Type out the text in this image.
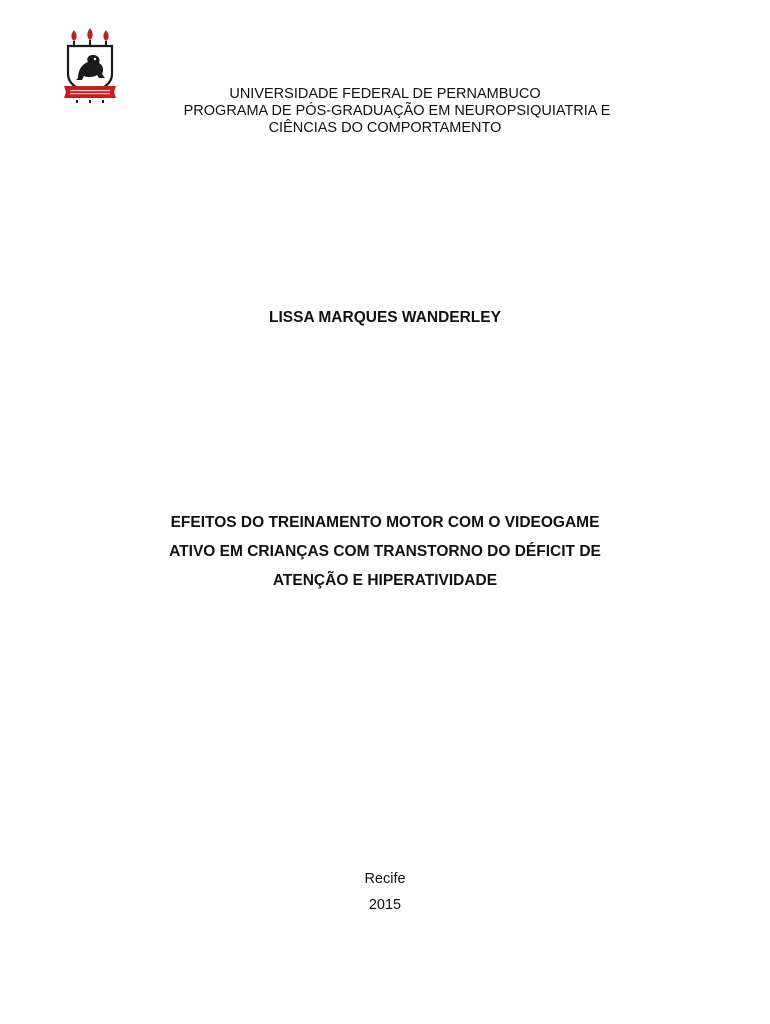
UNIVERSIDADE FEDERAL DE PERNAMBUCO
PROGRAMA DE PÓS-GRADUAÇÃO EM NEUROPSIQUIATRIA E
CIÊNCIAS DO COMPORTAMENTO
LISSA MARQUES WANDERLEY
EFEITOS DO TREINAMENTO MOTOR COM O VIDEOGAME
ATIVO EM CRIANÇAS COM TRANSTORNO DO DÉFICIT DE
ATENÇÃO E HIPERATIVIDADE
Recife
2015
